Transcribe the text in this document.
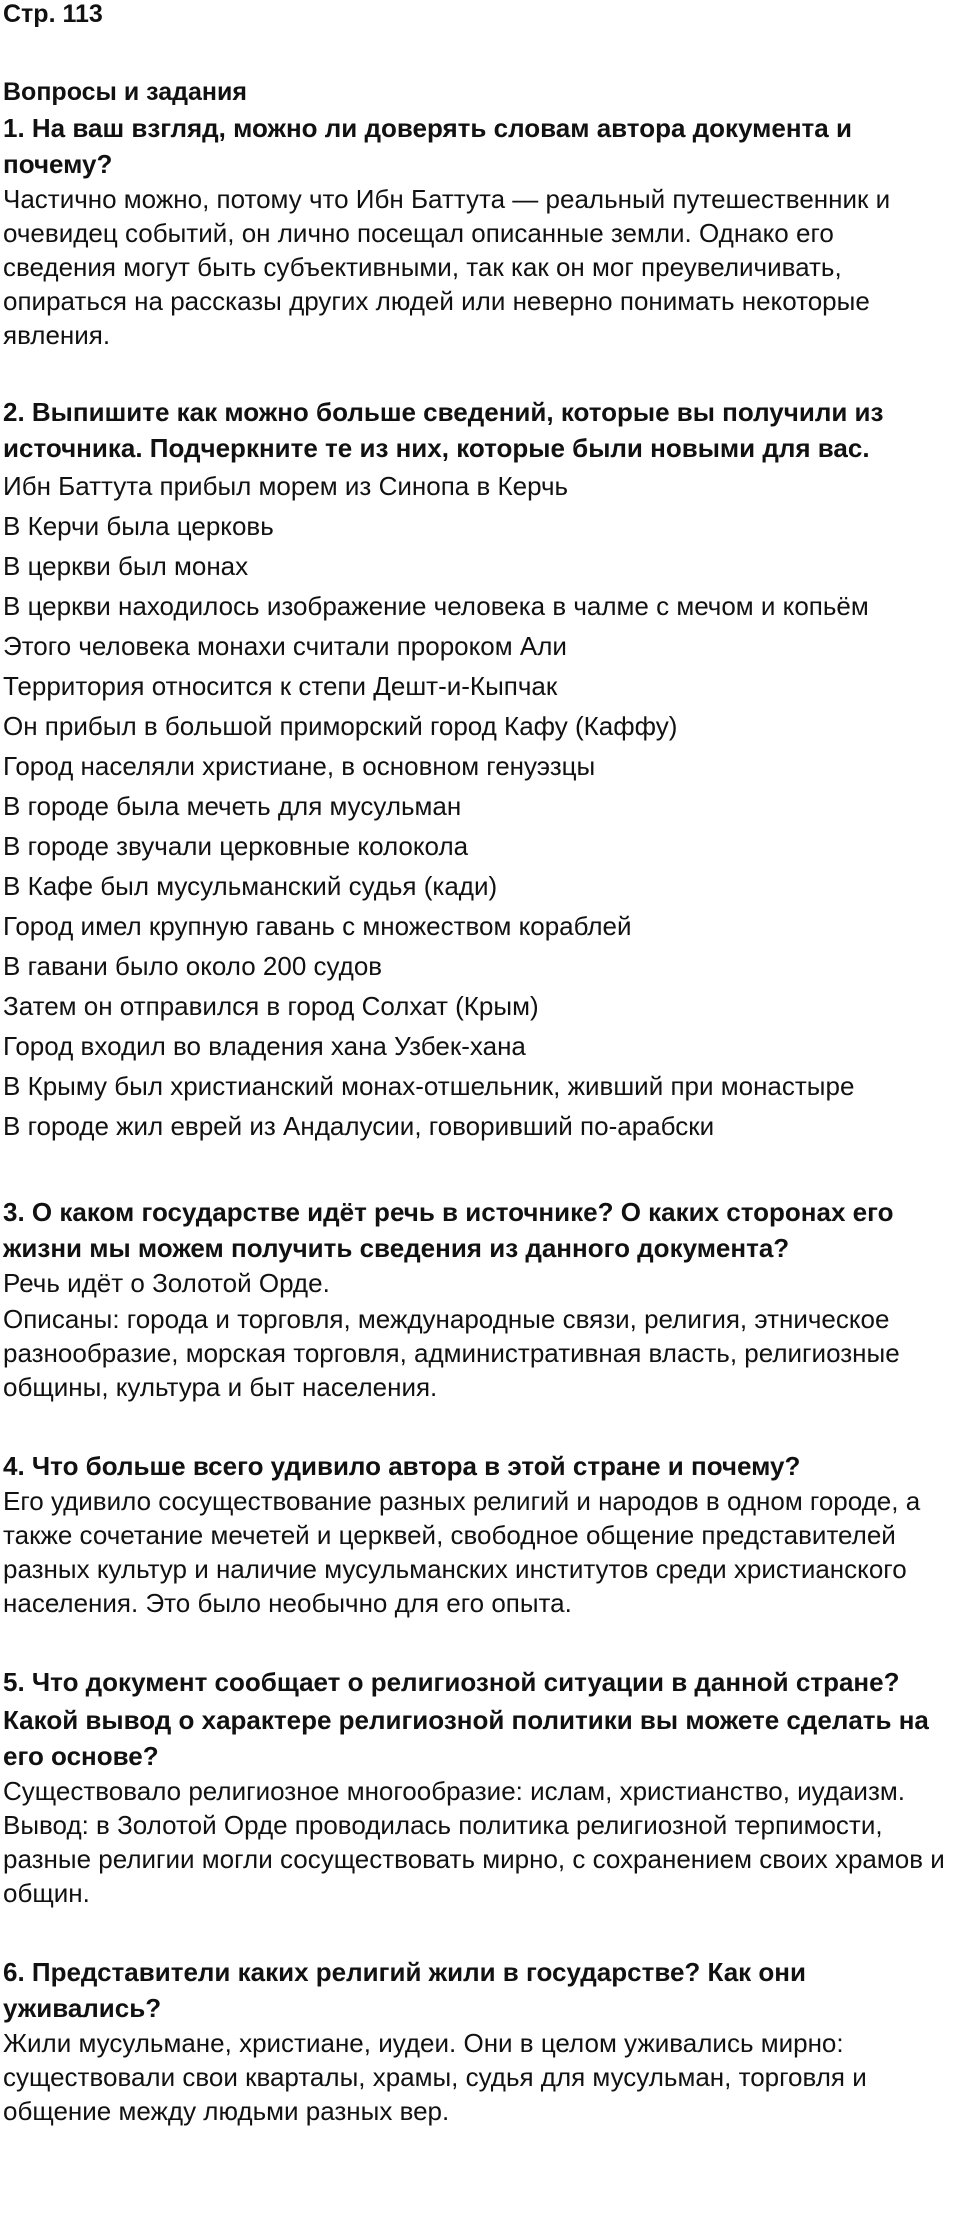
Стр. 113
Вопросы и задания

1. На ваш взгляд, можно ли доверять словам автора документа и почему?

Частично можно, потому что Ибн Баттута — реальный путешественник и очевидец событий, он лично посещал описанные земли. Однако его сведения могут быть субъективными, так как он мог преувеличивать, опираться на рассказы других людей или неверно понимать некоторые явления.

2. Выпишите как можно больше сведений, которые вы получили из источника. Подчеркните те из них, которые были новыми для вас.

Ибн Баттута прибыл морем из Синопа в Керчь

В Керчи была церковь

В церкви был монах

В церкви находилось изображение человека в чалме с мечом и копьём

Этого человека монахи считали пророком Али

Территория относится к степи Дешт-и-Кыпчак

Он прибыл в большой приморский город Кафу (Каффу)

Город населяли христиане, в основном генуэзцы

В городе была мечеть для мусульман

В городе звучали церковные колокола

В Кафе был мусульманский судья (кади)

Город имел крупную гавань с множеством кораблей

В гавани было около 200 судов

Затем он отправился в город Солхат (Крым)

Город входил во владения хана Узбек-хана

В Крыму был христианский монах-отшельник, живший при монастыре

В городе жил еврей из Андалусии, говоривший по-арабски

3. О каком государстве идёт речь в источнике? О каких сторонах его жизни мы можем получить сведения из данного документа?

Речь идёт о Золотой Орде.

Описаны: города и торговля, международные связи, религия, этническое разнообразие, морская торговля, административная власть, религиозные общины, культура и быт населения.

4. Что больше всего удивило автора в этой стране и почему?

Его удивило сосуществование разных религий и народов в одном городе, а также сочетание мечетей и церквей, свободное общение представителей разных культур и наличие мусульманских институтов среди христианского населения. Это было необычно для его опыта.

5. Что документ сообщает о религиозной ситуации в данной стране?

Какой вывод о характере религиозной политики вы можете сделать на его основе?

Существовало религиозное многообразие: ислам, христианство, иудаизм.

Вывод: в Золотой Орде проводилась политика религиозной терпимости, разные религии могли сосуществовать мирно, с сохранением своих храмов и общин.

6. Представители каких религий жили в государстве? Как они уживались?

Жили мусульмане, христиане, иудеи. Они в целом уживались мирно: существовали свои кварталы, храмы, судья для мусульман, торговля и общение между людьми разных вер.
